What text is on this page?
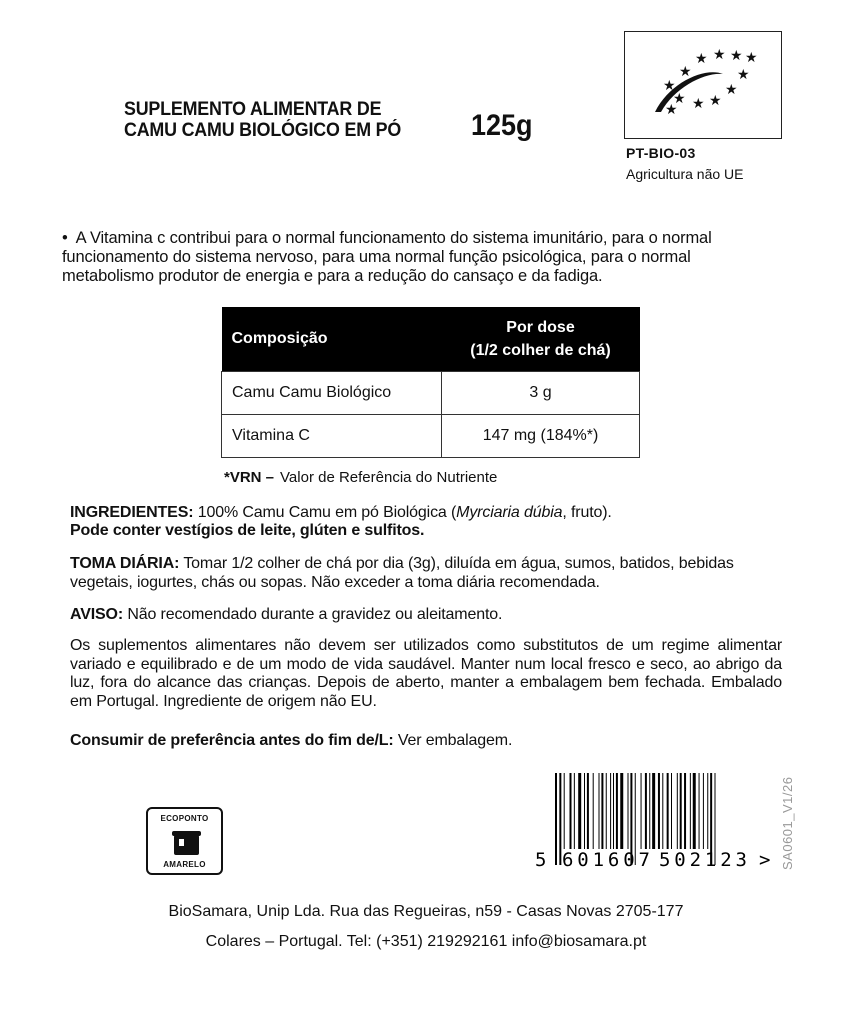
SUPLEMENTO ALIMENTAR DE
CAMU CAMU BIOLÓGICO EM PÓ 125g
★
★ ★ ★ ★
★
★
★
★
★
★
★
PT-BIO-03
Agricultura não UE
• A Vitamina c contribui para o normal funcionamento do sistema imunitário, para o normal funcionamento do sistema nervoso, para uma normal função psicológica, para o normal metabolismo produtor de energia e para a redução do cansaço e da fadiga.
Composição	Por dose
(1/2 colher de chá)

Camu Camu Biológico	3 g
Vitamina C	147 mg (184%*)
*VRN – Valor de Referência do Nutriente
INGREDIENTES: 100% Camu Camu em pó Biológica (Myrciaria dúbia, fruto).
Pode conter vestígios de leite, glúten e sulfitos.
TOMA DIÁRIA: Tomar 1/2 colher de chá por dia (3g), diluída em água, sumos, batidos, bebidas vegetais, iogurtes, chás ou sopas. Não exceder a toma diária recomendada.
AVISO: Não recomendado durante a gravidez ou aleitamento.
Os suplementos alimentares não devem ser utilizados como substitutos de um regime alimentar variado e equilibrado e de um modo de vida saudável. Manter num local fresco e seco, ao abrigo da luz, fora do alcance das crianças. Depois de aberto, manter a embalagem bem fechada. Embalado em Portugal. Ingrediente de origem não EU.
Consumir de preferência antes do fim de/L: Ver embalagem.
ECOPONTO
AMARELO	5 601607 502123 > SA0601_V1/26
BioSamara, Unip Lda. Rua das Regueiras, n59 - Casas Novas 2705-177
Colares – Portugal. Tel: (+351) 219292161 info@biosamara.pt
